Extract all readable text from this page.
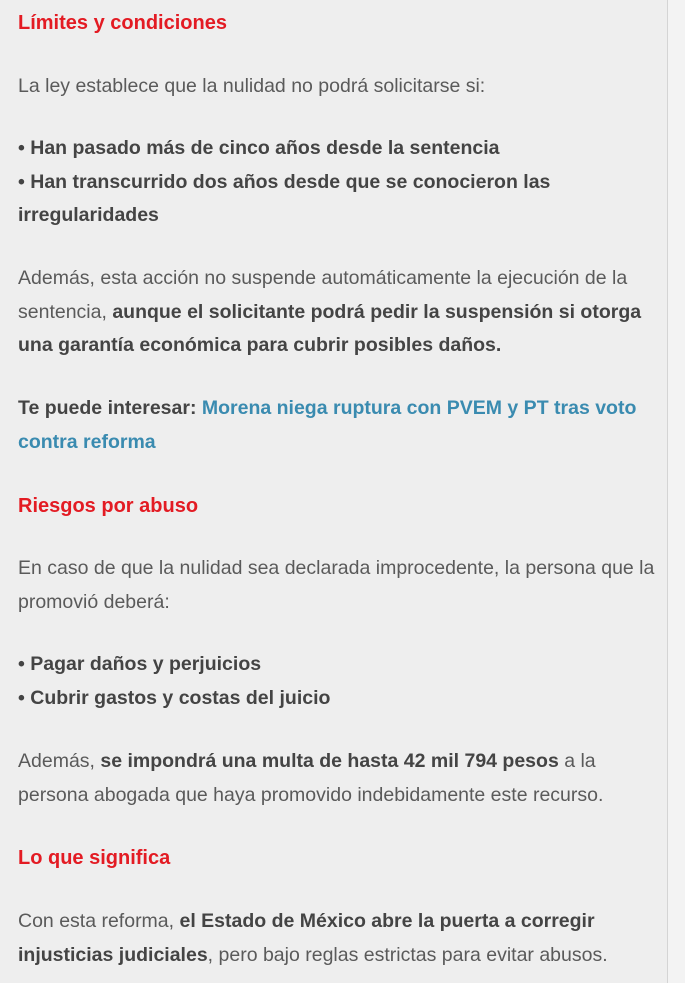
Límites y condiciones

La ley establece que la nulidad no podrá solicitarse si:

• Han pasado más de cinco años desde la sentencia
• Han transcurrido dos años desde que se conocieron las irregularidades

Además, esta acción no suspende automáticamente la ejecución de la sentencia, aunque el solicitante podrá pedir la suspensión si otorga una garantía económica para cubrir posibles daños.

Te puede interesar: Morena niega ruptura con PVEM y PT tras voto contra reforma

Riesgos por abuso

En caso de que la nulidad sea declarada improcedente, la persona que la promovió deberá:

• Pagar daños y perjuicios
• Cubrir gastos y costas del juicio

Además, se impondrá una multa de hasta 42 mil 794 pesos a la persona abogada que haya promovido indebidamente este recurso.

Lo que significa

Con esta reforma, el Estado de México abre la puerta a corregir injusticias judiciales, pero bajo reglas estrictas para evitar abusos.
